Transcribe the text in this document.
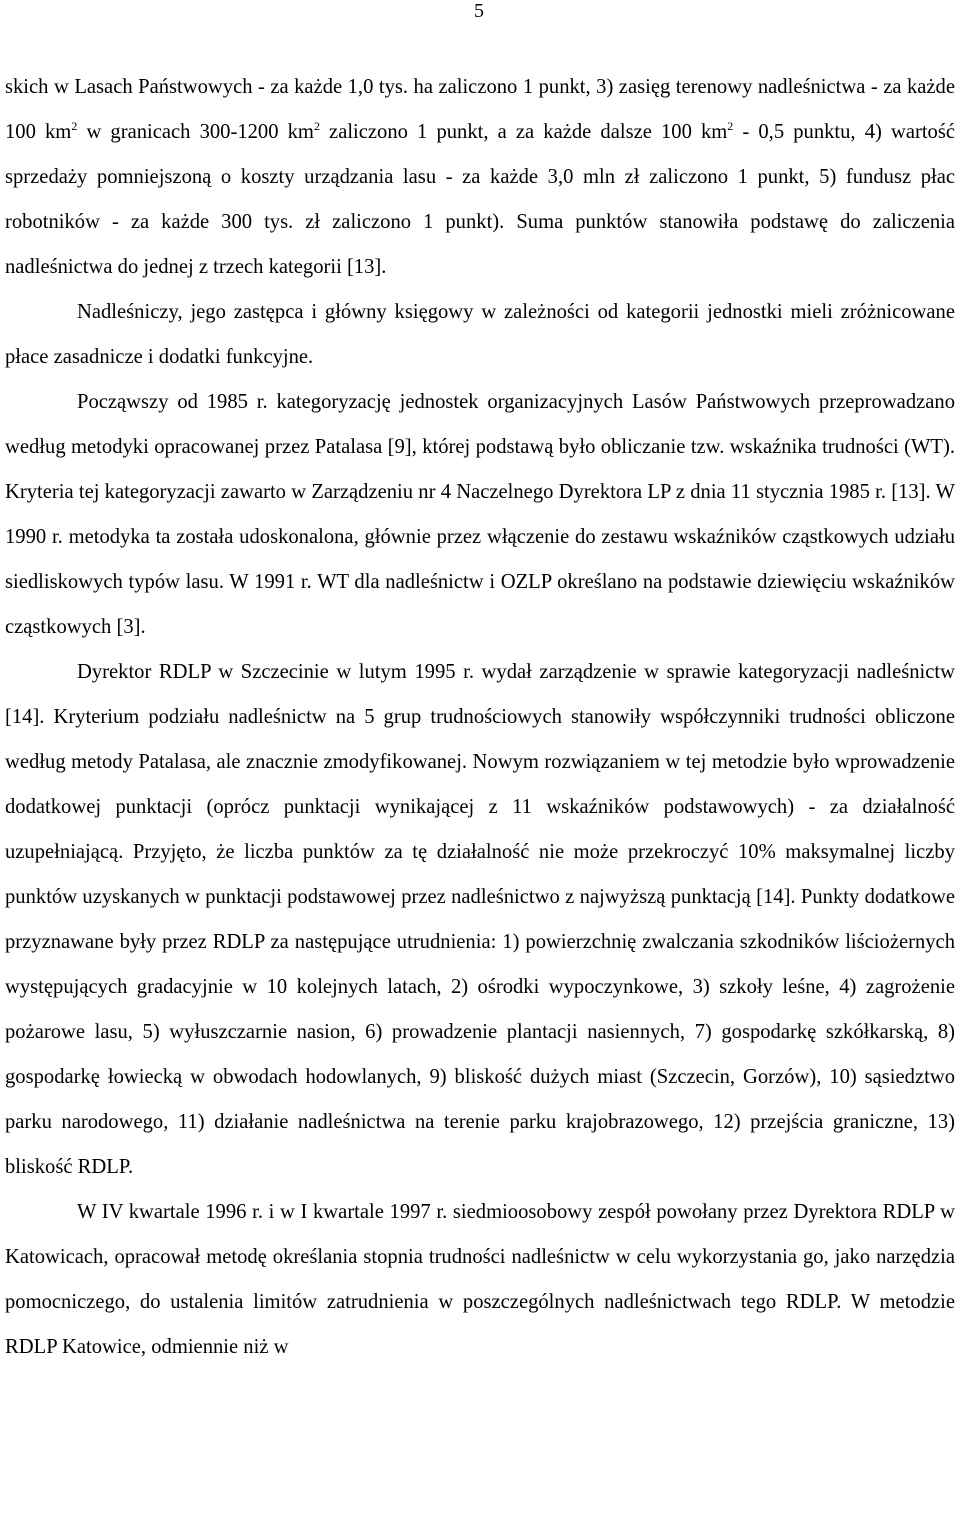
5

skich w Lasach Państwowych - za każde 1,0 tys. ha zaliczono 1 punkt, 3) zasięg terenowy nadleśnictwa - za każde 100 $km^2$ w granicach 300-1200 $km^2$ zaliczono 1 punkt, a za każde dalsze 100 $km^2 - 0,5$ punktu, 4) wartość sprzedaży pomniejszoną o koszty urządzania lasu - za każde 3,0 mln zł zaliczono 1 punkt, 5) fundusz płac robotników - za każde 300 tys. zł zaliczono 1 punkt). Suma punktów stanowiła podstawę do zaliczenia nadleśnictwa do jednej z trzech kategorii [13].

Nadleśniczy, jego zastępca i główny księgowy w zależności od kategorii jednostki mieli zróżnicowane płace zasadnicze i dodatki funkcyjne.

Począwszy od 1985 r. kategoryzację jednostek organizacyjnych Lasów Państwowych przeprowadzano według metodyki opracowanej przez Patalasa [9], której podstawą było obliczanie tzw. wskaźnika trudności (WT). Kryteria tej kategoryzacji zawarto w Zarządzeniu nr 4 Naczelnego Dyrektora LP z dnia 11 stycznia 1985 r. [13]. W 1990 r. metodyka ta została udoskonalona, głównie przez włączenie do zestawu wskaźników cząstkowych udziału siedliskowych typów lasu. W 1991 r. WT dla nadleśnictw i OZLP określano na podstawie dziewięciu wskaźników cząstkowych [3].

Dyrektor RDLP w Szczecinie w lutym 1995 r. wydał zarządzenie w sprawie kategoryzacji nadleśnictw [14]. Kryterium podziału nadleśnictw na 5 grup trudnościowych stanowiły współczynniki trudności obliczone według metody Patalasa, ale znacznie zmodyfikowanej. Nowym rozwiązaniem w tej metodzie było wprowadzenie dodatkowej punktacji (oprócz punktacji wynikającej z 11 wskaźników podstawowych) - za działalność uzupełniającą. Przyjęto, że liczba punktów za tę działalność nie może przekroczyć 10% maksymalnej liczby punktów uzyskanych w punktacji podstawowej przez nadleśnictwo z najwyższą punktacją [14]. Punkty dodatkowe przyznawane były przez RDLP za następujące utrudnienia: 1) powierzchnię zwalczania szkodników liściożernych występujących gradacyjnie w 10 kolejnych latach, 2) ośrodki wypoczynkowe, 3) szkoły leśne, 4) zagrożenie pożarowe lasu, 5) wyłuszczarnie nasion, 6) prowadzenie plantacji nasiennych, 7) gospodarkę szkółkarską, 8) gospodarkę łowiecką w obwodach hodowlanych, 9) bliskość dużych miast (Szczecin, Gorzów), 10) sąsiedztwo parku narodowego, 11) działanie nadleśnictwa na terenie parku krajobrazowego, 12) przejścia graniczne, 13) bliskość RDLP.

W IV kwartale 1996 r. i w I kwartale 1997 r. siedmioosobowy zespół powołany przez Dyrektora RDLP w Katowicach, opracował metodę określania stopnia trudności nadleśnictw w celu wykorzystania go, jako narzędzia pomocniczego, do ustalenia limitów zatrudnienia w poszczególnych nadleśnictwach tego RDLP. W metodzie RDLP Katowice, odmiennie niż w
